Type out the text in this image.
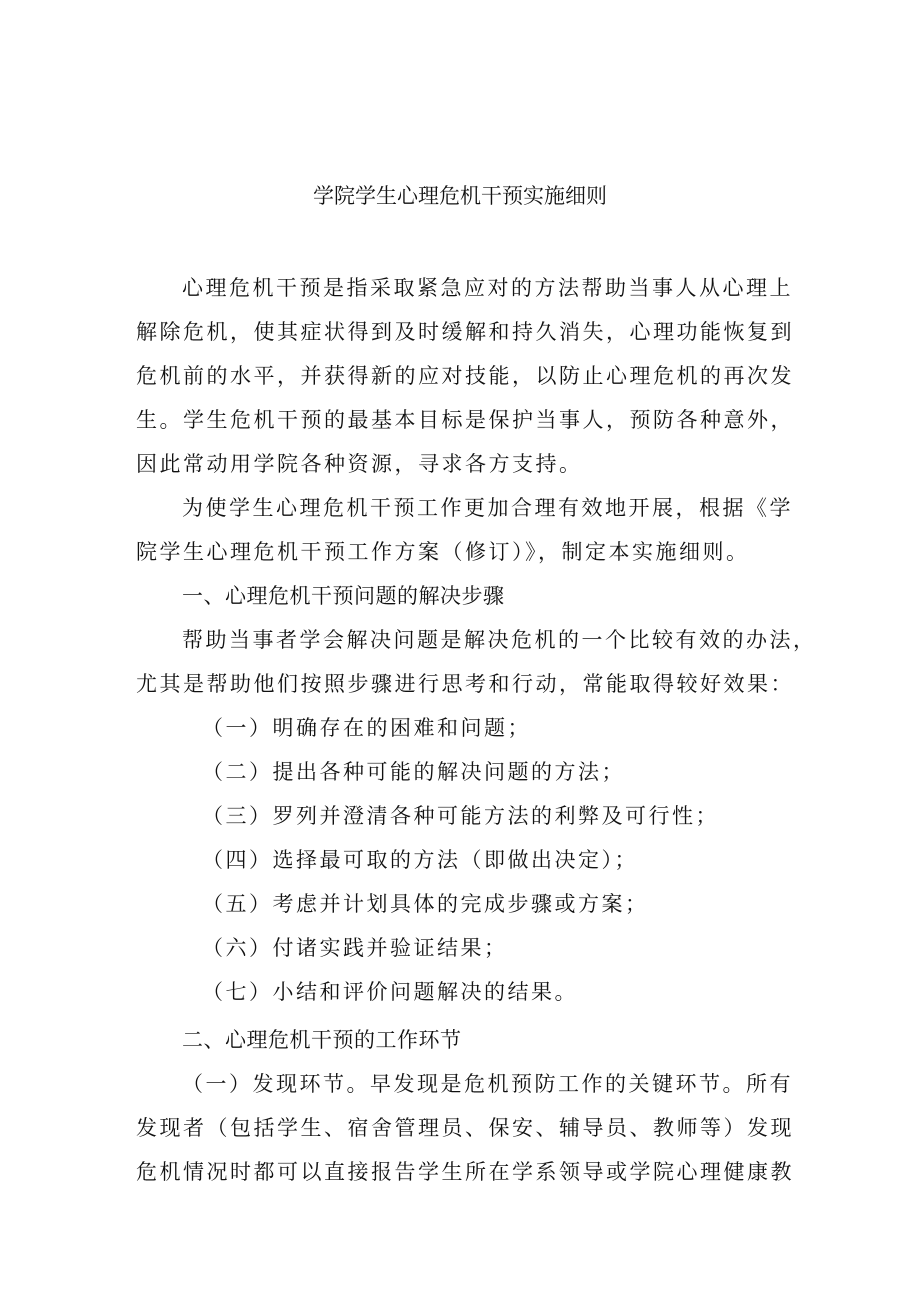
学院学生心理危机干预实施细则
心理危机干预是指采取紧急应对的方法帮助当事人从心理上
解除危机，使其症状得到及时缓解和持久消失，心理功能恢复到
危机前的水平，并获得新的应对技能，以防止心理危机的再次发
生。学生危机干预的最基本目标是保护当事人，预防各种意外，
因此常动用学院各种资源，寻求各方支持。
为使学生心理危机干预工作更加合理有效地开展，根据《学
院学生心理危机干预工作方案（修订）》，制定本实施细则。
一、心理危机干预问题的解决步骤
帮助当事者学会解决问题是解决危机的一个比较有效的办法，
尤其是帮助他们按照步骤进行思考和行动，常能取得较好效果：
（一）明确存在的困难和问题；
（二）提出各种可能的解决问题的方法；
（三）罗列并澄清各种可能方法的利弊及可行性；
（四）选择最可取的方法（即做出决定）；
（五）考虑并计划具体的完成步骤或方案；
（六）付诸实践并验证结果；
（七）小结和评价问题解决的结果。
二、心理危机干预的工作环节
（一）发现环节。早发现是危机预防工作的关键环节。所有
发现者（包括学生、宿舍管理员、保安、辅导员、教师等）发现
危机情况时都可以直接报告学生所在学系领导或学院心理健康教
